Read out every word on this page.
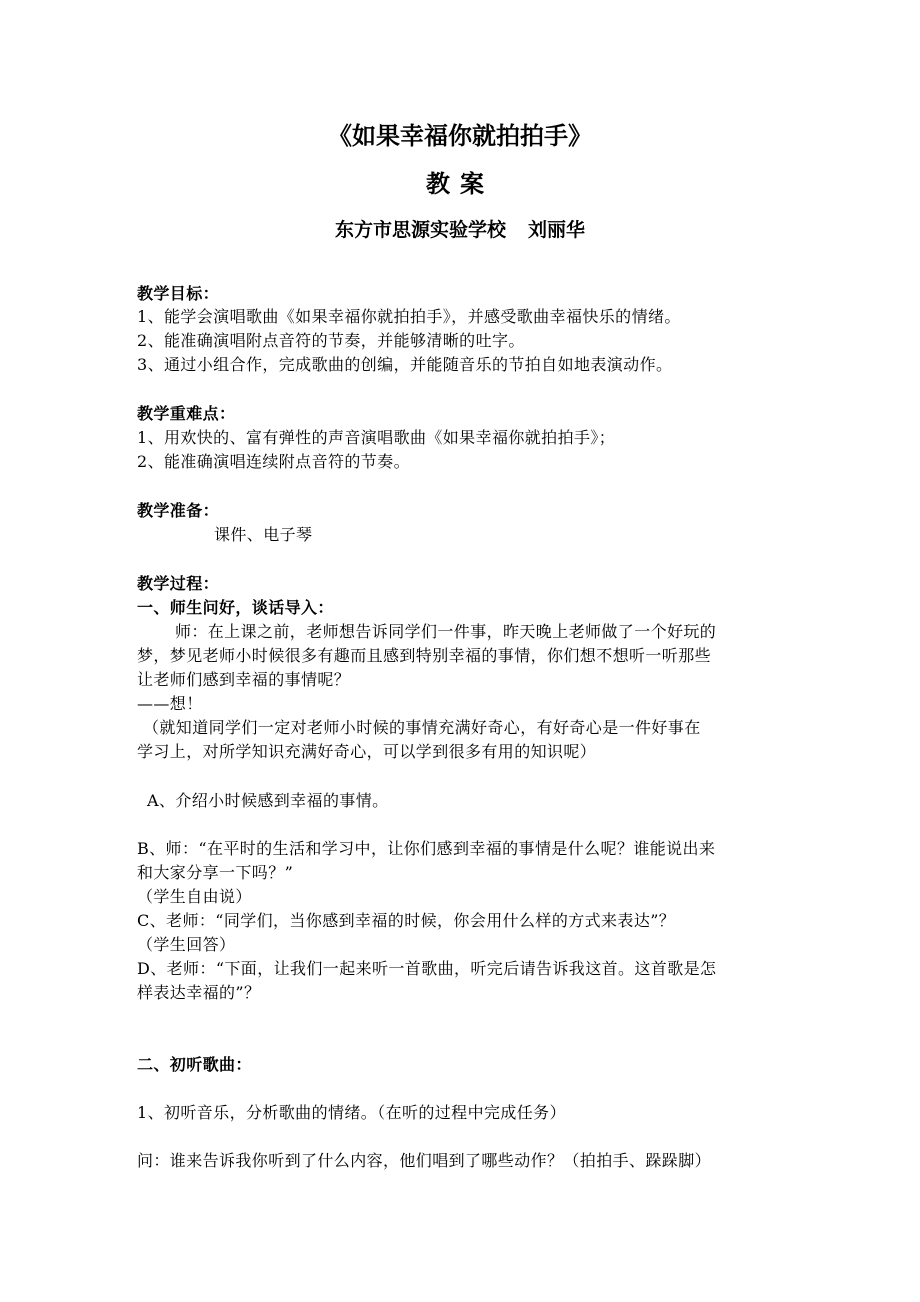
《如果幸福你就拍拍手》
教案
东方市思源实验学校 刘丽华
教学目标：
1、能学会演唱歌曲《如果幸福你就拍拍手》，并感受歌曲幸福快乐的情绪。
2、能准确演唱附点音符的节奏，并能够清晰的吐字。
3、通过小组合作，完成歌曲的创编，并能随音乐的节拍自如地表演动作。
教学重难点：
1、用欢快的、富有弹性的声音演唱歌曲《如果幸福你就拍拍手》；
2、能准确演唱连续附点音符的节奏。
教学准备：
课件、电子琴
教学过程：
一、师生问好，谈话导入：
师：在上课之前，老师想告诉同学们一件事，昨天晚上老师做了一个好玩的
梦，梦见老师小时候很多有趣而且感到特别幸福的事情，你们想不想听一听那些
让老师们感到幸福的事情呢？
——想！
（就知道同学们一定对老师小时候的事情充满好奇心，有好奇心是一件好事在
学习上，对所学知识充满好奇心，可以学到很多有用的知识呢）
A、介绍小时候感到幸福的事情。
B、师：“在平时的生活和学习中，让你们感到幸福的事情是什么呢？谁能说出来
和大家分享一下吗？”
（学生自由说）
C、老师：“同学们，当你感到幸福的时候，你会用什么样的方式来表达”？
（学生回答）
D、老师：“下面，让我们一起来听一首歌曲，听完后请告诉我这首。这首歌是怎
样表达幸福的”？
二、初听歌曲：
1、初听音乐，分析歌曲的情绪。（在听的过程中完成任务）
问：谁来告诉我你听到了什么内容，他们唱到了哪些动作？（拍拍手、跺跺脚）
